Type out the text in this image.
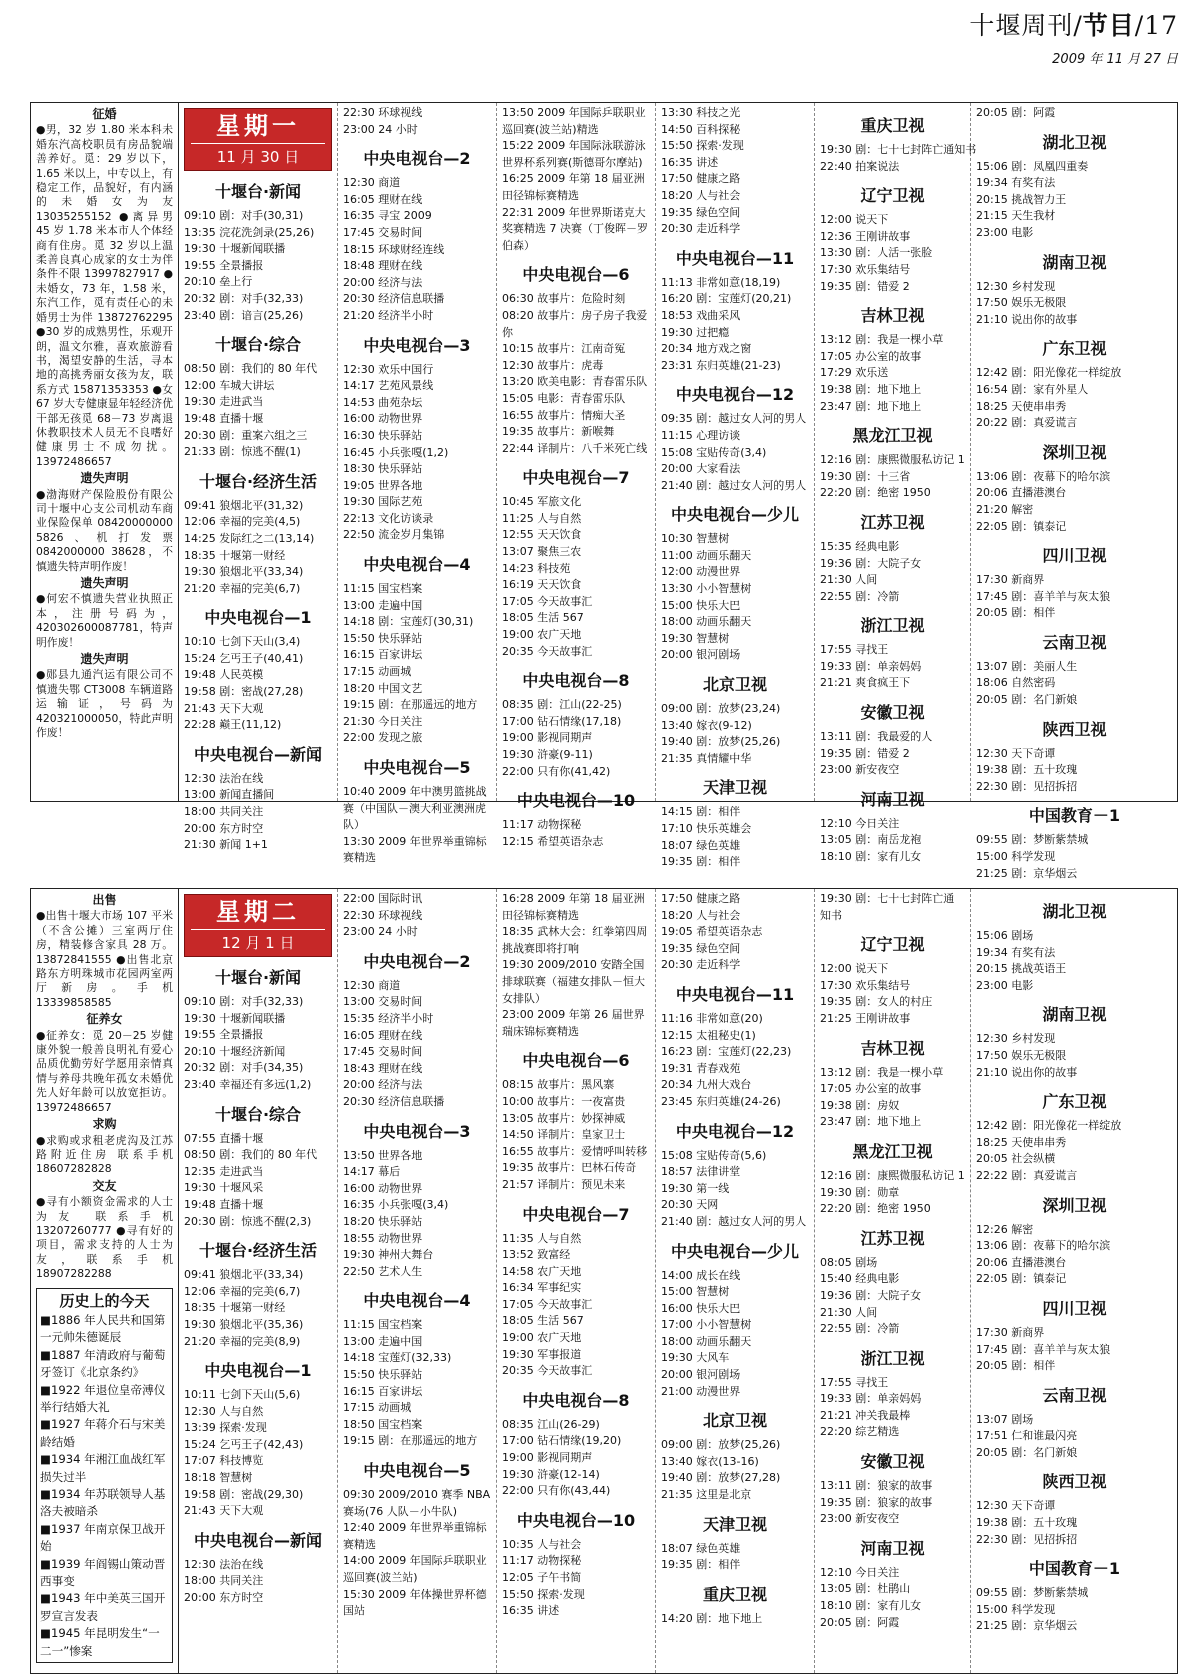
十堰周刊/节目/17
2009 年 11 月 27 日
征婚
●男，32 岁 1.80 米本科未婚东汽高校职员有房品貌端善养好。觅：29 岁以下，1.65 米以上，中专以上，有稳定工作，品貌好，有内涵的未婚女为友 13035255152 ●离异男 45 岁 1.78 米本市人个体经商有住房。觅 32 岁以上温柔善良真心成家的女士为伴条件不限 13997827917 ●未婚女，73 年，1.58 米，东汽工作，觅有责任心的未婚男士为伴 13872762295 ●30 岁的成熟男性，乐观开朗，温文尔雅，喜欢旅游看书，渴望安静的生活，寻本地的高挑秀丽女孩为友，联系方式 15871353353 ●女 67 岁大专健康显年轻经济优干部无孩觅 68－73 岁离退休教职技术人员无不良嗜好健康男士不成勿扰。13972486657
遗失声明
●渤海财产保险股份有限公司十堰中心支公司机动车商业保险保单 08420000000 5826、机打发票 0842000000 38628，不慎遗失特声明作废！
遗失声明
●何宏不慎遗失营业执照正本，注册号码为，420302600087781，特声明作废！
遗失声明
●郧县九通汽运有限公司不慎遗失鄂 CT3008 车辆道路运输证，号码为 420321000050，特此声明作废！
星期一
11 月 30 日
十堰台·新闻
09:10 剧：对手(30,31)
13:35 浣花洗剑录(25,26)
19:30 十堰新闻联播
19:55 全景播报
20:10 垒上行
20:32 剧：对手(32,33)
23:40 剧：谙言(25,26)
十堰台·综合
08:50 剧：我们的 80 年代
12:00 车城大讲坛
19:30 走进武当
19:48 直播十堰
20:30 剧：重案六组之三
21:33 剧：惊逃不醒(1)
十堰台·经济生活
09:41 狼烟北平(31,32)
12:06 幸福的完美(4,5)
14:25 发际红之二(13,14)
18:35 十堰第一财经
19:30 狼烟北平(33,34)
21:20 幸福的完美(6,7)
中央电视台—1
10:10 七剑下天山(3,4)
15:24 乞丐王子(40,41)
19:48 人民英模
19:58 剧：密战(27,28)
21:43 天下大观
22:28 巅王(11,12)
中央电视台—新闻
12:30 法治在线
13:00 新闻直播间
18:00 共同关注
20:00 东方时空
21:30 新闻 1+1
22:30 环球视线
23:00 24 小时
中央电视台—2
12:30 商道
16:05 理财在线
16:35 寻宝 2009
17:45 交易时间
18:15 环球财经连线
18:48 理财在线
20:00 经济与法
20:30 经济信息联播
21:20 经济半小时
中央电视台—3
12:30 欢乐中国行
14:17 艺苑风景线
14:53 曲苑杂坛
16:00 动物世界
16:30 快乐驿站
16:45 小兵张嘎(1,2)
18:30 快乐驿站
19:05 世界各地
19:30 国际艺苑
22:13 文化访谈录
22:50 流金岁月集锦
中央电视台—4
11:15 国宝档案
13:00 走遍中国
14:18 剧：宝莲灯(30,31)
15:50 快乐驿站
16:15 百家讲坛
17:15 动画城
18:20 中国文艺
19:15 剧：在那遥远的地方
21:30 今日关注
22:00 发现之旅
中央电视台—5
10:40 2009 年中澳男篮挑战赛（中国队－澳大利亚澳洲虎队）
13:30 2009 年世界举重锦标赛精选
13:50 2009 年国际乒联职业巡回赛(波兰站)精选
15:22 2009 年国际泳联游泳世界杯系列赛(斯德哥尔摩站)
16:25 2009 年第 18 届亚洲田径锦标赛精选
22:31 2009 年世界斯诺克大奖赛精选 7 决赛（丁俊晖－罗伯森）
中央电视台—6
06:30 故事片：危险时刻
08:20 故事片：房子房子我爱你
10:15 故事片：江南奇冤
12:30 故事片：虎毒
13:20 欧美电影：青春雷乐队
15:05 电影：青春雷乐队
16:55 故事片：情痴大圣
19:35 故事片：新喉舞
22:44 译制片：八千米死亡线
中央电视台—7
10:45 军旅文化
11:25 人与自然
12:55 天天饮食
13:07 聚焦三农
14:23 科技苑
16:19 天天饮食
17:05 今天故事汇
18:05 生活 567
19:00 农广天地
20:35 今天故事汇
中央电视台—8
08:35 剧：江山(22-25)
17:00 钻石情缘(17,18)
19:00 影视同期声
19:30 浒豪(9-11)
22:00 只有你(41,42)
中央电视台—10
11:17 动物探秘
12:15 希望英语杂志
13:30 科技之光
14:50 百科探秘
15:50 探索·发现
16:35 讲述
17:50 健康之路
18:20 人与社会
19:35 绿色空间
20:30 走近科学
中央电视台—11
11:13 非常如意(18,19)
16:20 剧：宝莲灯(20,21)
18:53 戏曲采风
19:30 过把瘾
20:34 地方戏之窗
23:31 东归英雄(21-23)
中央电视台—12
09:35 剧：越过女人河的男人
11:15 心理访谈
15:08 宝贴传奇(3,4)
20:00 大家看法
21:40 剧：越过女人河的男人
中央电视台—少儿
10:30 智慧树
11:00 动画乐翻天
12:00 动漫世界
13:30 小小智慧树
15:00 快乐大巴
18:00 动画乐翻天
19:30 智慧树
20:00 银河剧场
北京卫视
09:00 剧：放梦(23,24)
13:40 嫁衣(9-12)
19:40 剧：放梦(25,26)
21:35 真情耀中华
天津卫视
14:15 剧：相伴
17:10 快乐英雄会
18:07 绿色英雄
19:35 剧：相伴
重庆卫视
19:30 剧：七十七封阵亡通知书
22:40 拍案说法
辽宁卫视
12:00 说天下
12:36 王刚讲故事
13:30 剧：人活一张脸
17:30 欢乐集结号
19:35 剧：错爱 2
吉林卫视
13:12 剧：我是一棵小草
17:05 办公室的故事
17:29 欢乐送
19:38 剧：地下地上
23:47 剧：地下地上
黑龙江卫视
12:16 剧：康熙微服私访记 1
19:30 剧：十三省
22:20 剧：绝密 1950
江苏卫视
15:35 经典电影
19:36 剧：大院子女
21:30 人间
22:55 剧：冷箭
浙江卫视
17:55 寻找王
19:33 剧：单亲妈妈
21:21 爽食疯王下
安徽卫视
13:11 剧：我最爱的人
19:35 剧：错爱 2
23:00 新安夜空
河南卫视
12:10 今日关注
13:05 剧：南岳龙袍
18:10 剧：家有儿女
20:05 剧：阿霞
湖北卫视
15:06 剧：凤凰四重奏
19:34 有奖有法
20:15 挑战智力王
21:15 天生我材
23:00 电影
湖南卫视
12:30 乡村发现
17:50 娱乐无极限
21:10 说出你的故事
广东卫视
12:42 剧：阳光像花一样绽放
16:54 剧：家有外星人
18:25 天使串串秀
20:22 剧：真爱谎言
深圳卫视
13:06 剧：夜幕下的哈尔滨
20:06 直播港澳台
21:20 解密
22:05 剧：镇泰记
四川卫视
17:30 新商界
17:45 剧：喜羊羊与灰太狼
20:05 剧：相伴
云南卫视
13:07 剧：美丽人生
18:06 自然密码
20:05 剧：名门新娘
陕西卫视
12:30 天下奇谭
19:38 剧：五十玫瑰
22:30 剧：见招拆招
中国教育－1
09:55 剧：梦断紫禁城
15:00 科学发现
21:25 剧：京华烟云
出售
●出售十堰大市场 107 平米（不含公摊）三室两厅住房，精装修含家具 28 万。13872841555 ●出售北京路东方明珠城市花园两室两厅新房。手机 13339858585
征养女
●征养女：觅 20－25 岁健康外貌一般善良明礼有爱心品质优勤劳好学愿用亲情真情与养母共晚年孤女未婚优先人好年龄可以放宽拒访。13972486657
求购
●求购或求租老虎沟及江苏路附近住房 联系手机 18607282828
交友
●寻有小额资金需求的人士为友 联系手机 13207260777 ●寻有好的项目，需求支持的人士为友，联系手机 18907282288
历史上的今天
■1886 年人民共和国第一元帅朱德诞辰
■1887 年清政府与葡萄牙签订《北京条约》
■1922 年退位皇帝溥仪举行结婚大礼
■1927 年蒋介石与宋美龄结婚
■1934 年湘江血战红军损失过半
■1934 年苏联领导人基洛夫被暗杀
■1937 年南京保卫战开始
■1939 年阎锡山策动晋西事变
■1943 年中美英三国开罗宣言发表
■1945 年昆明发生“一二一”惨案
星期二
12 月 1 日
十堰台·新闻
09:10 剧：对手(32,33)
19:30 十堰新闻联播
19:55 全景播报
20:10 十堰经济新闻
20:32 剧：对手(34,35)
23:40 幸福还有多远(1,2)
十堰台·综合
07:55 直播十堰
08:50 剧：我们的 80 年代
12:35 走进武当
19:30 十堰风采
19:48 直播十堰
20:30 剧：惊逃不醒(2,3)
十堰台·经济生活
09:41 狼烟北平(33,34)
12:06 幸福的完美(6,7)
18:35 十堰第一财经
19:30 狼烟北平(35,36)
21:20 幸福的完美(8,9)
中央电视台—1
10:11 七剑下天山(5,6)
12:30 人与自然
13:39 探索·发现
15:24 乞丐王子(42,43)
17:07 科技博览
18:18 智慧树
19:58 剧：密战(29,30)
21:43 天下大观
中央电视台—新闻
12:30 法治在线
18:00 共同关注
20:00 东方时空
22:00 国际时讯
22:30 环球视线
23:00 24 小时
中央电视台—2
12:30 商道
13:00 交易时间
15:35 经济半小时
16:05 理财在线
17:45 交易时间
18:43 理财在线
20:00 经济与法
20:30 经济信息联播
中央电视台—3
13:50 世界各地
14:17 幕后
16:00 动物世界
16:35 小兵张嘎(3,4)
18:20 快乐驿站
18:55 动物世界
19:30 神州大舞台
22:50 艺术人生
中央电视台—4
11:15 国宝档案
13:00 走遍中国
14:18 宝莲灯(32,33)
15:50 快乐驿站
16:15 百家讲坛
17:15 动画城
18:50 国宝档案
19:15 剧：在那遥远的地方
中央电视台—5
09:30 2009/2010 赛季 NBA 赛场(76 人队－小牛队)
12:40 2009 年世界举重锦标赛精选
14:00 2009 年国际乒联职业巡回赛(波兰站)
15:30 2009 年体操世界杯德国站
16:28 2009 年第 18 届亚洲田径锦标赛精选
18:35 武林大会：红拳第四周挑战赛即将打响
19:30 2009/2010 安踏全国排球联赛（福建女排队－恒大女排队）
23:00 2009 年第 26 届世界瑞床锦标赛精选
中央电视台—6
08:15 故事片：黑风寨
10:00 故事片：一夜富贵
13:05 故事片：妙探神威
14:50 译制片：皇家卫士
16:55 故事片：爱情呼叫转移
19:35 故事片：巴林石传奇
21:57 译制片：预见未来
中央电视台—7
11:35 人与自然
13:52 致富经
14:58 农广天地
16:34 军事纪实
17:05 今天故事汇
18:05 生活 567
19:00 农广天地
19:30 军事报道
20:35 今天故事汇
中央电视台—8
08:35 江山(26-29)
17:00 钻石情缘(19,20)
19:00 影视同期声
19:30 浒豪(12-14)
22:00 只有你(43,44)
中央电视台—10
10:35 人与社会
11:17 动物探秘
12:05 子午书简
15:50 探索·发现
16:35 讲述
17:50 健康之路
18:20 人与社会
19:05 希望英语杂志
19:35 绿色空间
20:30 走近科学
中央电视台—11
11:16 非常如意(20)
12:15 太祖秘史(1)
16:23 剧：宝莲灯(22,23)
19:31 青春戏苑
20:34 九州大戏台
23:45 东归英雄(24-26)
中央电视台—12
15:08 宝贴传奇(5,6)
18:57 法律讲堂
19:30 第一线
20:30 天网
21:40 剧：越过女人河的男人
中央电视台—少儿
14:00 成长在线
15:00 智慧树
16:00 快乐大巴
17:00 小小智慧树
18:00 动画乐翻天
19:30 大风车
20:00 银河剧场
21:00 动漫世界
北京卫视
09:00 剧：放梦(25,26)
13:40 嫁衣(13-16)
19:40 剧：放梦(27,28)
21:35 这里是北京
天津卫视
18:07 绿色英雄
19:35 剧：相伴
重庆卫视
14:20 剧：地下地上
19:30 剧：七十七封阵亡通
知书
辽宁卫视
12:00 说天下
17:30 欢乐集结号
19:35 剧：女人的村庄
21:25 王刚讲故事
吉林卫视
13:12 剧：我是一棵小草
17:05 办公室的故事
19:38 剧：房奴
23:47 剧：地下地上
黑龙江卫视
12:16 剧：康熙微服私访记 1
19:30 剧：勋章
22:20 剧：绝密 1950
江苏卫视
08:05 剧场
15:40 经典电影
19:36 剧：大院子女
21:30 人间
22:55 剧：冷箭
浙江卫视
17:55 寻找王
19:33 剧：单亲妈妈
21:21 冲关我最棒
22:20 综艺精选
安徽卫视
13:11 剧：狼家的故事
19:35 剧：狼家的故事
23:00 新安夜空
河南卫视
12:10 今日关注
13:05 剧：杜鹃山
18:10 剧：家有儿女
20:05 剧：阿霞
湖北卫视
15:06 剧场
19:34 有奖有法
20:15 挑战英语王
23:00 电影
湖南卫视
12:30 乡村发现
17:50 娱乐无极限
21:10 说出你的故事
广东卫视
12:42 剧：阳光像花一样绽放
18:25 天使串串秀
20:05 社会纵横
22:22 剧：真爱谎言
深圳卫视
12:26 解密
13:06 剧：夜幕下的哈尔滨
20:06 直播港澳台
22:05 剧：镇泰记
四川卫视
17:30 新商界
17:45 剧：喜羊羊与灰太狼
20:05 剧：相伴
云南卫视
13:07 剧场
17:51 仁和谁最闪亮
20:05 剧：名门新娘
陕西卫视
12:30 天下奇谭
19:38 剧：五十玫瑰
22:30 剧：见招拆招
中国教育－1
09:55 剧：梦断紫禁城
15:00 科学发现
21:25 剧：京华烟云
